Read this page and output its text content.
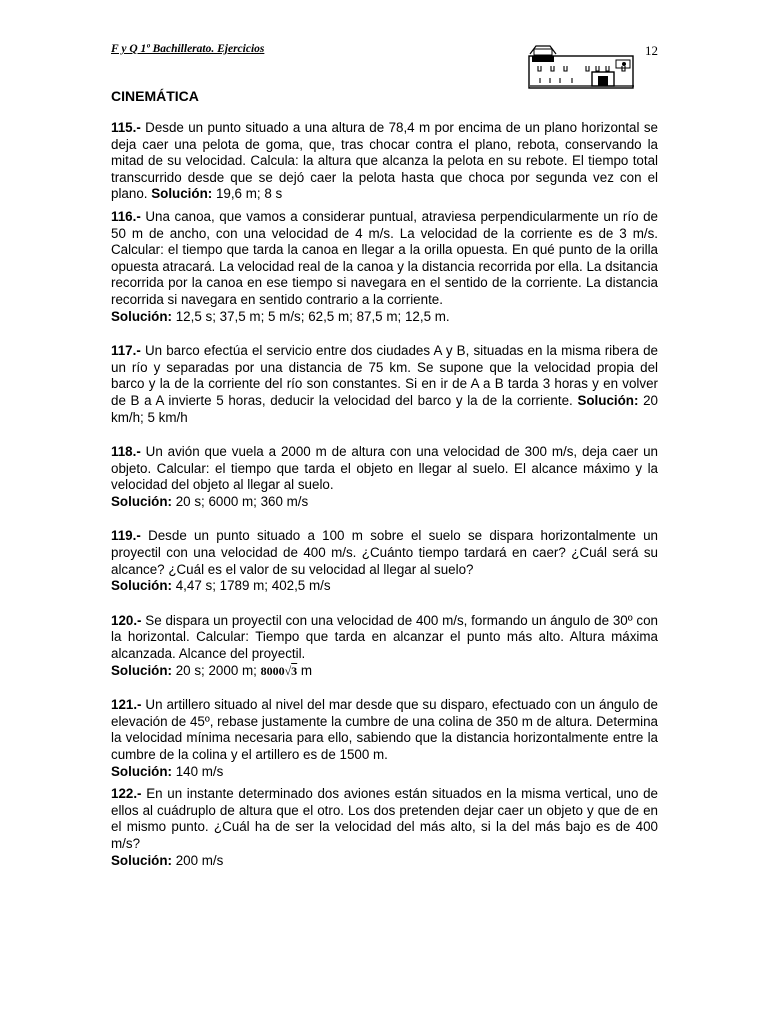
F y Q 1º Bachillerato. Ejercicios	12
CINEMÁTICA

115.- Desde un punto situado a una altura de 78,4 m por encima de un plano horizontal se deja caer una pelota de goma, que, tras chocar contra el plano, rebota, conservando la mitad de su velocidad. Calcula: la altura que alcanza la pelota en su rebote. El tiempo total transcurrido desde que se dejó caer la pelota hasta que choca por segunda vez con el plano. Solución: 19,6 m; 8 s

116.- Una canoa, que vamos a considerar puntual, atraviesa perpendicularmente un río de 50 m de ancho, con una velocidad de 4 m/s. La velocidad de la corriente es de 3 m/s. Calcular: el tiempo que tarda la canoa en llegar a la orilla opuesta. En qué punto de la orilla opuesta atracará. La velocidad real de la canoa y la distancia recorrida por ella. La dsitancia recorrida por la canoa en ese tiempo si navegara en el sentido de la corriente. La distancia recorrida si navegara en sentido contrario a la corriente.

Solución: 12,5 s; 37,5 m; 5 m/s; 62,5 m; 87,5 m; 12,5 m.

117.- Un barco efectúa el servicio entre dos ciudades A y B, situadas en la misma ribera de un río y separadas por una distancia de 75 km. Se supone que la velocidad propia del barco y la de la corriente del río son constantes. Si en ir de A a B tarda 3 horas y en volver de B a A invierte 5 horas, deducir la velocidad del barco y la de la corriente. Solución: 20 km/h; 5 km/h

118.- Un avión que vuela a 2000 m de altura con una velocidad de 300 m/s, deja caer un objeto. Calcular: el tiempo que tarda el objeto en llegar al suelo. El alcance máximo y la velocidad del objeto al llegar al suelo.

Solución: 20 s; 6000 m; 360 m/s

119.- Desde un punto situado a 100 m sobre el suelo se dispara horizontalmente un proyectil con una velocidad de 400 m/s. ¿Cuánto tiempo tardará en caer? ¿Cuál será su alcance? ¿Cuál es el valor de su velocidad al llegar al suelo?

Solución: 4,47 s; 1789 m; 402,5 m/s

120.- Se dispara un proyectil con una velocidad de 400 m/s, formando un ángulo de 30º con la horizontal. Calcular: Tiempo que tarda en alcanzar el punto más alto. Altura máxima alcanzada. Alcance del proyectil.

Solución: 20 s; 2000 m; 8000√3 m

121.- Un artillero situado al nivel del mar desde que su disparo, efectuado con un ángulo de elevación de 45º, rebase justamente la cumbre de una colina de 350 m de altura. Determina la velocidad mínima necesaria para ello, sabiendo que la distancia horizontalmente entre la cumbre de la colina y el artillero es de 1500 m.

Solución: 140 m/s

122.- En un instante determinado dos aviones están situados en la misma vertical, uno de ellos al cuádruplo de altura que el otro. Los dos pretenden dejar caer un objeto y que de en el mismo punto. ¿Cuál ha de ser la velocidad del más alto, si la del más bajo es de 400 m/s?

Solución: 200 m/s
